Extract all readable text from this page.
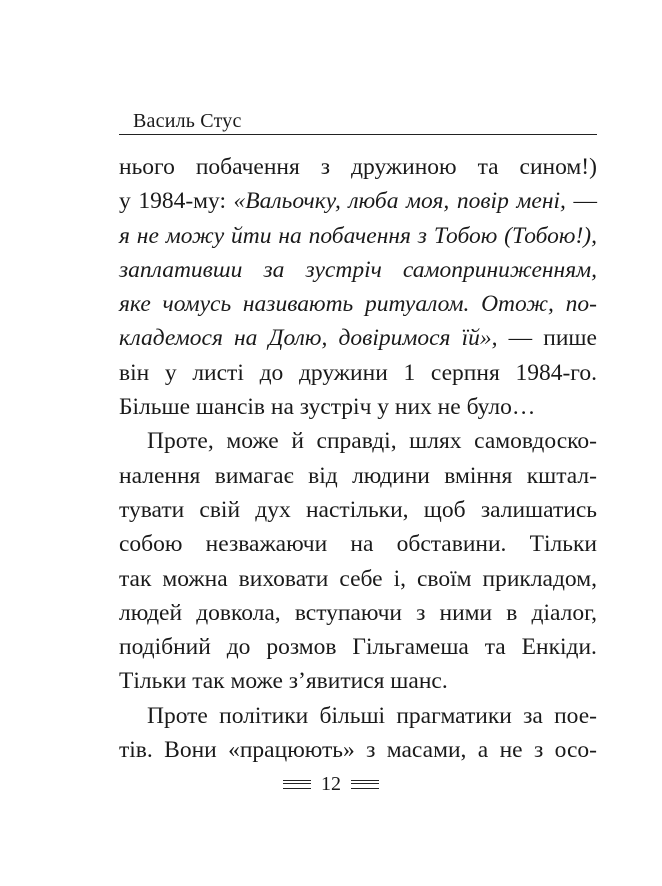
Василь Стус
нього побачення з дружиною та сином!)
у 1984-му: «Вальочку, люба моя, повір мені, —
я не можу йти на побачення з Тобою (Тобою!),
заплативши за зустріч самоприниженням,
яке чомусь називають ритуалом. Отож, по-
кладемося на Долю, довіримося їй», — пише
він у листі до дружини 1 серпня 1984-го.
Більше шансів на зустріч у них не було…
Проте, може й справді, шлях самовдоско-
налення вимагає від людини вміння кштал-
тувати свій дух настільки, щоб залишатись
собою незважаючи на обставини. Тільки
так можна виховати себе і, своїм прикладом,
людей довкола, вступаючи з ними в діалог,
подібний до розмов Гільгамеша та Енкіди.
Тільки так може з’явитися шанс.
Проте політики більші прагматики за пое-
тів. Вони «працюють» з масами, а не з осо-
12
